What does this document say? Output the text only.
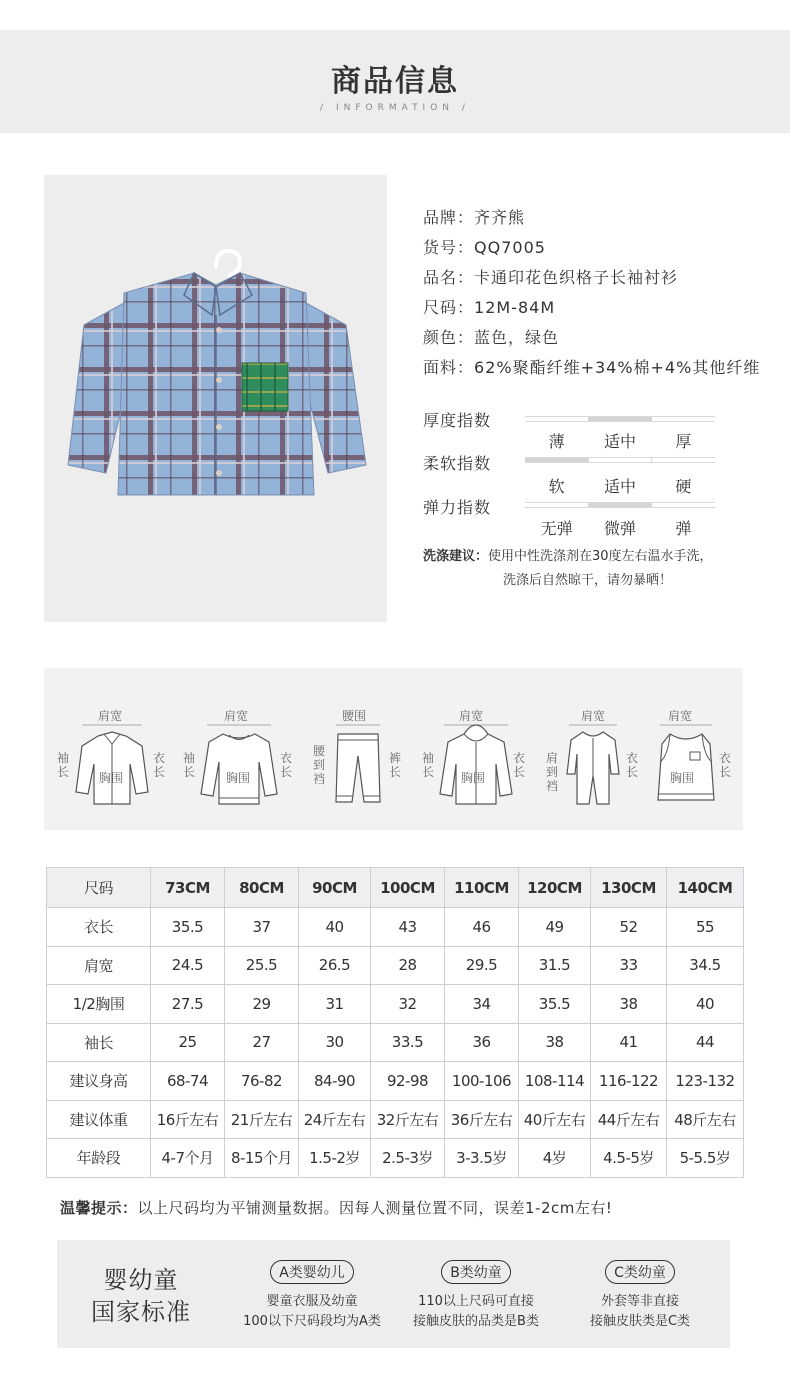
商品信息
/ INFORMATION /
品牌：齐齐熊
货号：QQ7005
品名：卡通印花色织格子长袖衬衫
尺码：12M-84M
颜色：蓝色，绿色
面料：62%聚酯纤维+34%棉+4%其他纤维
厚度指数
薄	适中	厚
柔软指数
软	适中	硬
弹力指数
无弹	微弹	弹
洗涤建议：使用中性洗涤剂在30度左右温水手洗，
洗涤后自然晾干，请勿暴晒！
肩宽
袖长
衣长
胸围
肩宽
袖长
衣长
胸围
腰围
腰到裆
裤长
肩宽
袖长
衣长
胸围
肩宽
肩到裆
衣长
肩宽
衣长
胸围
尺码	73CM	80CM	90CM	100CM	110CM	120CM	130CM	140CM
衣长	35.5	37	40	43	46	49	52	55
肩宽	24.5	25.5	26.5	28	29.5	31.5	33	34.5
1/2胸围	27.5	29	31	32	34	35.5	38	40
袖长	25	27	30	33.5	36	38	41	44
建议身高	68-74	76-82	84-90	92-98	100-106	108-114	116-122	123-132
建议体重	16斤左右	21斤左右	24斤左右	32斤左右	36斤左右	40斤左右	44斤左右	48斤左右
年龄段	4-7个月	8-15个月	1.5-2岁	2.5-3岁	3-3.5岁	4岁	4.5-5岁	5-5.5岁
温馨提示：以上尺码均为平铺测量数据。因每人测量位置不同，误差1-2cm左右!
婴幼童
国家标准
A类婴幼儿
婴童衣服及幼童
100以下尺码段均为A类
B类幼童
110以上尺码可直接
接触皮肤的品类是B类
C类幼童
外套等非直接
接触皮肤类是C类
